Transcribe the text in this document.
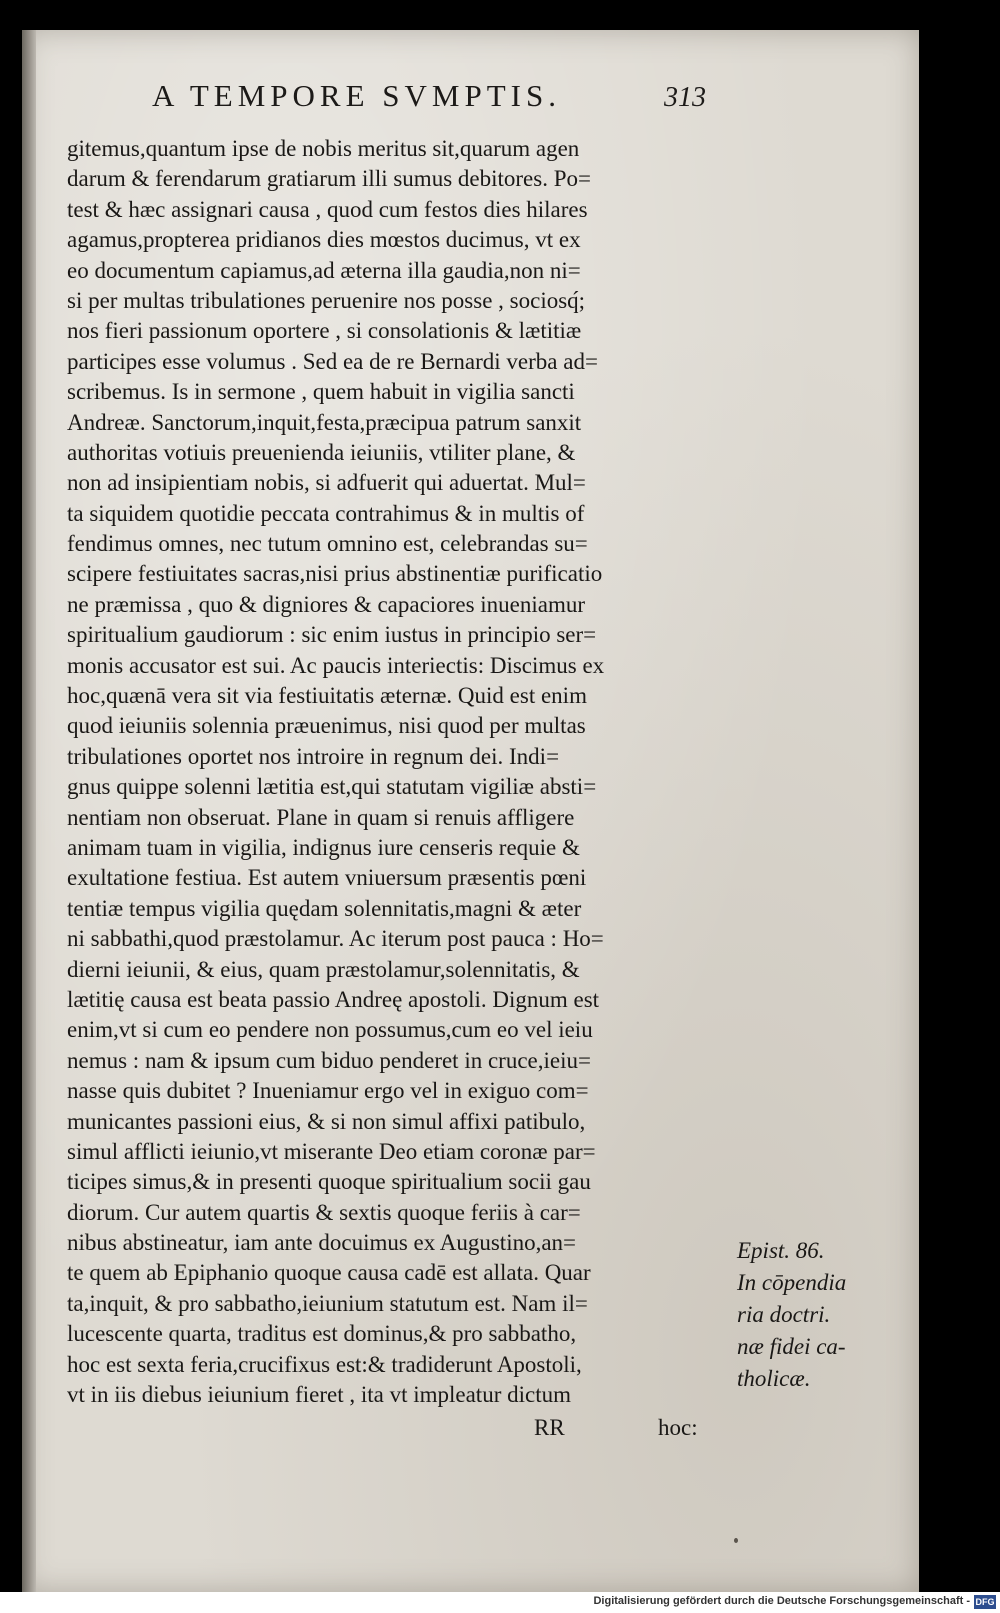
A TEMPORE SVMPTIS.	313
gitemus,quantum ipse de nobis meritus sit,quarum agen
darum & ferendarum gratiarum illi sumus debitores. Po=
test & hæc assignari causa , quod cum festos dies hilares
agamus,propterea pridianos dies mœstos ducimus, vt ex
eo documentum capiamus,ad æterna illa gaudia,non ni=
si per multas tribulationes peruenire nos posse , sociosq́;
nos fieri passionum oportere , si consolationis & lætitiæ
participes esse volumus . Sed ea de re Bernardi verba ad=
scribemus. Is in sermone , quem habuit in vigilia sancti
Andreæ. Sanctorum,inquit,festa,præcipua patrum sanxit
authoritas votiuis preuenienda ieiuniis, vtiliter plane, &
non ad insipientiam nobis, si adfuerit qui aduertat. Mul=
ta siquidem quotidie peccata contrahimus & in multis of
fendimus omnes, nec tutum omnino est, celebrandas su=
scipere festiuitates sacras,nisi prius abstinentiæ purificatio
ne præmissa , quo & digniores & capaciores inueniamur
spiritualium gaudiorum : sic enim iustus in principio ser=
monis accusator est sui. Ac paucis interiectis: Discimus ex
hoc,quænā vera sit via festiuitatis æternæ. Quid est enim
quod ieiuniis solennia præuenimus, nisi quod per multas
tribulationes oportet nos introire in regnum dei. Indi=
gnus quippe solenni lætitia est,qui statutam vigiliæ absti=
nentiam non obseruat. Plane in quam si renuis affligere
animam tuam in vigilia, indignus iure censeris requie &
exultatione festiua. Est autem vniuersum præsentis pœni
tentiæ tempus vigilia quędam solennitatis,magni & æter
ni sabbathi,quod præstolamur. Ac iterum post pauca : Ho=
dierni ieiunii, & eius, quam præstolamur,solennitatis, &
lætitię causa est beata passio Andreę apostoli. Dignum est
enim,vt si cum eo pendere non possumus,cum eo vel ieiu
nemus : nam & ipsum cum biduo penderet in cruce,ieiu=
nasse quis dubitet ? Inueniamur ergo vel in exiguo com=
municantes passioni eius, & si non simul affixi patibulo,
simul afflicti ieiunio,vt miserante Deo etiam coronæ par=
ticipes simus,& in presenti quoque spiritualium socii gau
diorum. Cur autem quartis & sextis quoque feriis à car=
nibus abstineatur, iam ante docuimus ex Augustino,an=
te quem ab Epiphanio quoque causa cadē est allata. Quar
ta,inquit, & pro sabbatho,ieiunium statutum est. Nam il=
lucescente quarta, traditus est dominus,& pro sabbatho,
hoc est sexta feria,crucifixus est:& tradiderunt Apostoli,
vt in iis diebus ieiunium fieret , ita vt impleatur dictum
Epist. 86.
In cōpendia
ria doctri.
næ fidei ca-
tholicæ.
RR	hoc:
Digitalisierung gefördert durch die Deutsche Forschungsgemeinschaft - DFG
